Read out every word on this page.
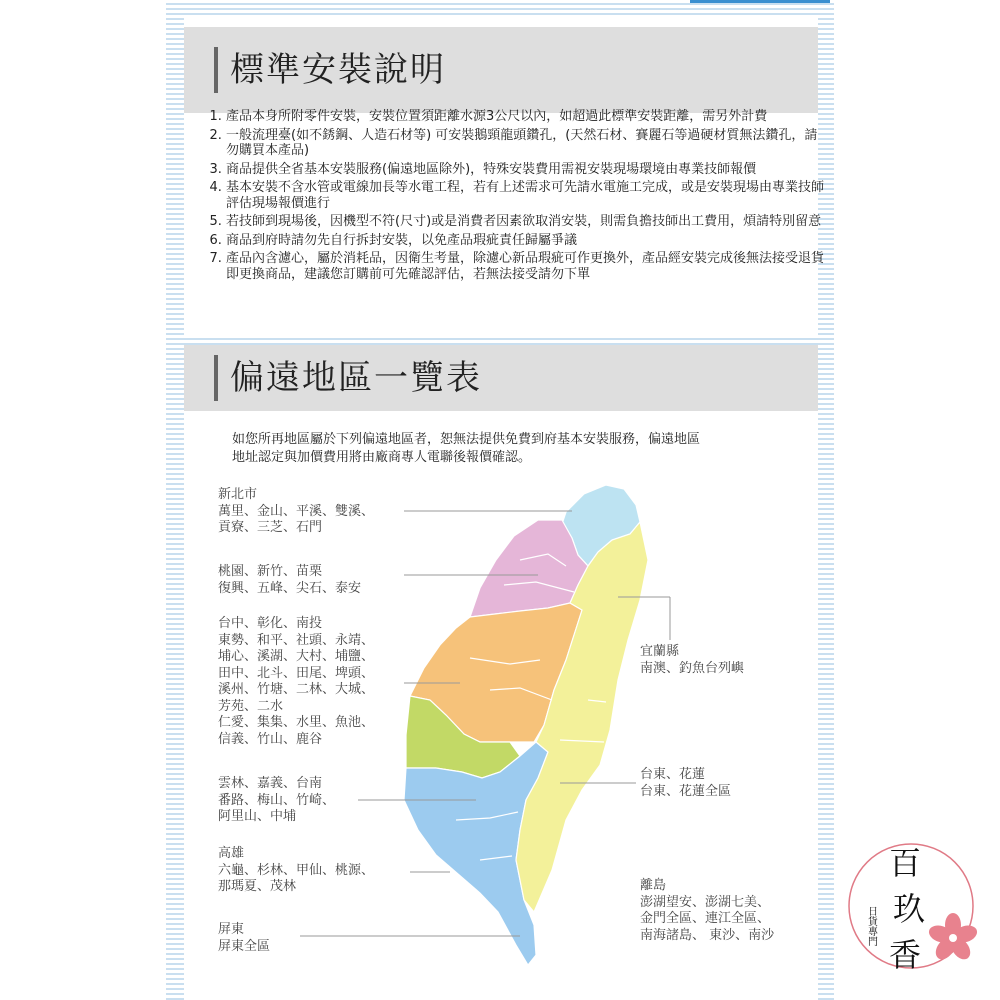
標準安裝說明
1. 產品本身所附零件安裝，安裝位置須距離水源3公尺以內，如超過此標準安裝距離，需另外計費
2. 一般流理臺(如不銹鋼、人造石材等) 可安裝鵝頸龍頭鑽孔，(天然石材、賽麗石等過硬材質無法鑽孔，請勿購買本產品)
3. 商品提供全省基本安裝服務(偏遠地區除外)，特殊安裝費用需視安裝現場環境由專業技師報價
4. 基本安裝不含水管或電線加長等水電工程，若有上述需求可先請水電施工完成，或是安裝現場由專業技師評估現場報價進行
5. 若技師到現場後，因機型不符(尺寸)或是消費者因素欲取消安裝，則需負擔技師出工費用，煩請特別留意
6. 商品到府時請勿先自行拆封安裝，以免產品瑕疵責任歸屬爭議
7. 產品內含濾心，屬於消耗品，因衛生考量，除濾心新品瑕疵可作更換外，產品經安裝完成後無法接受退貨即更換商品，建議您訂購前可先確認評估，若無法接受請勿下單
偏遠地區一覽表
如您所再地區屬於下列偏遠地區者，恕無法提供免費到府基本安裝服務，偏遠地區
地址認定與加價費用將由廠商專人電聯後報價確認。
新北市
萬里、金山、平溪、雙溪、
貢寮、三芝、石門
桃園、新竹、苗栗
復興、五峰、尖石、泰安
台中、彰化、南投
東勢、和平、社頭、永靖、
埔心、溪湖、大村、埔鹽、
田中、北斗、田尾、埤頭、
溪州、竹塘、二林、大城、
芳苑、二水
仁愛、集集、水里、魚池、
信義、竹山、鹿谷
雲林、嘉義、台南
番路、梅山、竹崎、
阿里山、中埔
高雄
六龜、杉林、甲仙、桃源、
那瑪夏、茂林
屏東
屏東全區
宜蘭縣
南澳、釣魚台列嶼
台東、花蓮
台東、花蓮全區
離島
澎湖望安、澎湖七美、
金門全區、連江全區、
南海諸島、 東沙、南沙
百
玖
香
日貨專門
